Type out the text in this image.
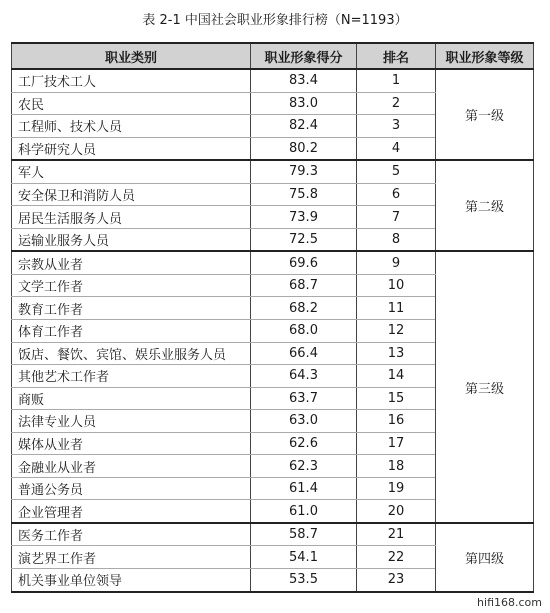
表 2-1 中国社会职业形象排行榜（N=1193）
职业类别	职业形象得分	排名	职业形象等级
工厂技术工人	83.4	1	第一级
农民	83.0	2	
工程师、技术人员	82.4	3	
科学研究人员	80.2	4	
军人	79.3	5	第二级
安全保卫和消防人员	75.8	6	
居民生活服务人员	73.9	7	
运输业服务人员	72.5	8	
宗教从业者	69.6	9	第三级
文学工作者	68.7	10	
教育工作者	68.2	11	
体育工作者	68.0	12	
饭店、餐饮、宾馆、娱乐业服务人员	66.4	13	
其他艺术工作者	64.3	14	
商贩	63.7	15	
法律专业人员	63.0	16	
媒体从业者	62.6	17	
金融业从业者	62.3	18	
普通公务员	61.4	19	
企业管理者	61.0	20	
医务工作者	58.7	21	第四级
演艺界工作者	54.1	22	
机关事业单位领导	53.5	23	
hifi168.com
